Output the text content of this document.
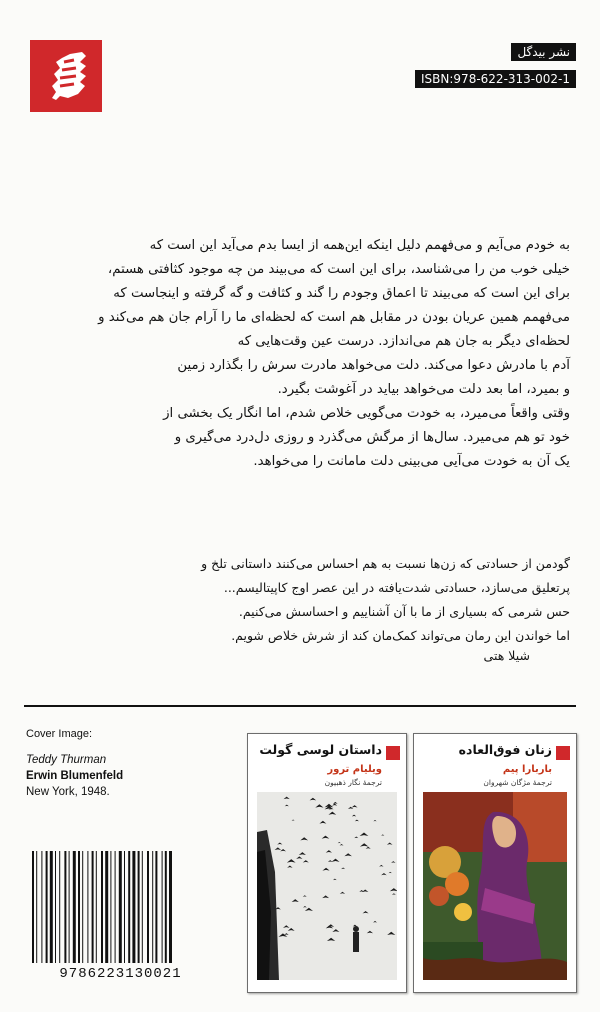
نشر بیدگل
ISBN:978-622-313-002-1
به خودم می‌آیم و می‌فهمم دلیل اینکه این‌همه از ایسا بدم می‌آید این است که
خیلی خوب من را می‌شناسد، برای این است که می‌بیند من چه موجود کثافتی هستم،
برای این است که می‌بیند تا اعماق وجودم را گند و کثافت و گه گرفته و اینجاست که
می‌فهمم همین عریان بودن در مقابل هم است که لحظه‌ای ما را آرام جان هم می‌کند و
لحظه‌ای دیگر به جان هم می‌اندازد. درست عین وقت‌هایی که
آدم با مادرش دعوا می‌کند. دلت می‌خواهد مادرت سرش را بگذارد زمین
و بمیرد، اما بعد دلت می‌خواهد بیاید در آغوشت بگیرد.
وقتی واقعاً می‌میرد، به خودت می‌گویی خلاص شدم، اما انگار یک بخشی از
خود تو هم می‌میرد. سال‌ها از مرگش می‌گذرد و روزی دل‌درد می‌گیری و
یک آن به خودت می‌آیی می‌بینی دلت مامانت را می‌خواهد.
گودمن از حسادتی که زن‌ها نسبت به هم احساس می‌کنند داستانی تلخ و
پرتعلیق می‌سازد، حسادتی شدت‌یافته در این عصر اوج کاپیتالیسم...
حس شرمی که بسیاری از ما با آن آشناییم و احساسش می‌کنیم.
اما خواندن این رمان می‌تواند کمک‌مان کند از شرش خلاص شویم.
شیلا هتی
Cover Image:
Teddy Thurman
Erwin Blumenfeld
New York, 1948.
9786223130021
داستان لوسی گولت
ویلیام ترور
ترجمهٔ نگار ذهبیون
زنان فوق‌العاده
باربارا پیم
ترجمهٔ مژگان شهروان
